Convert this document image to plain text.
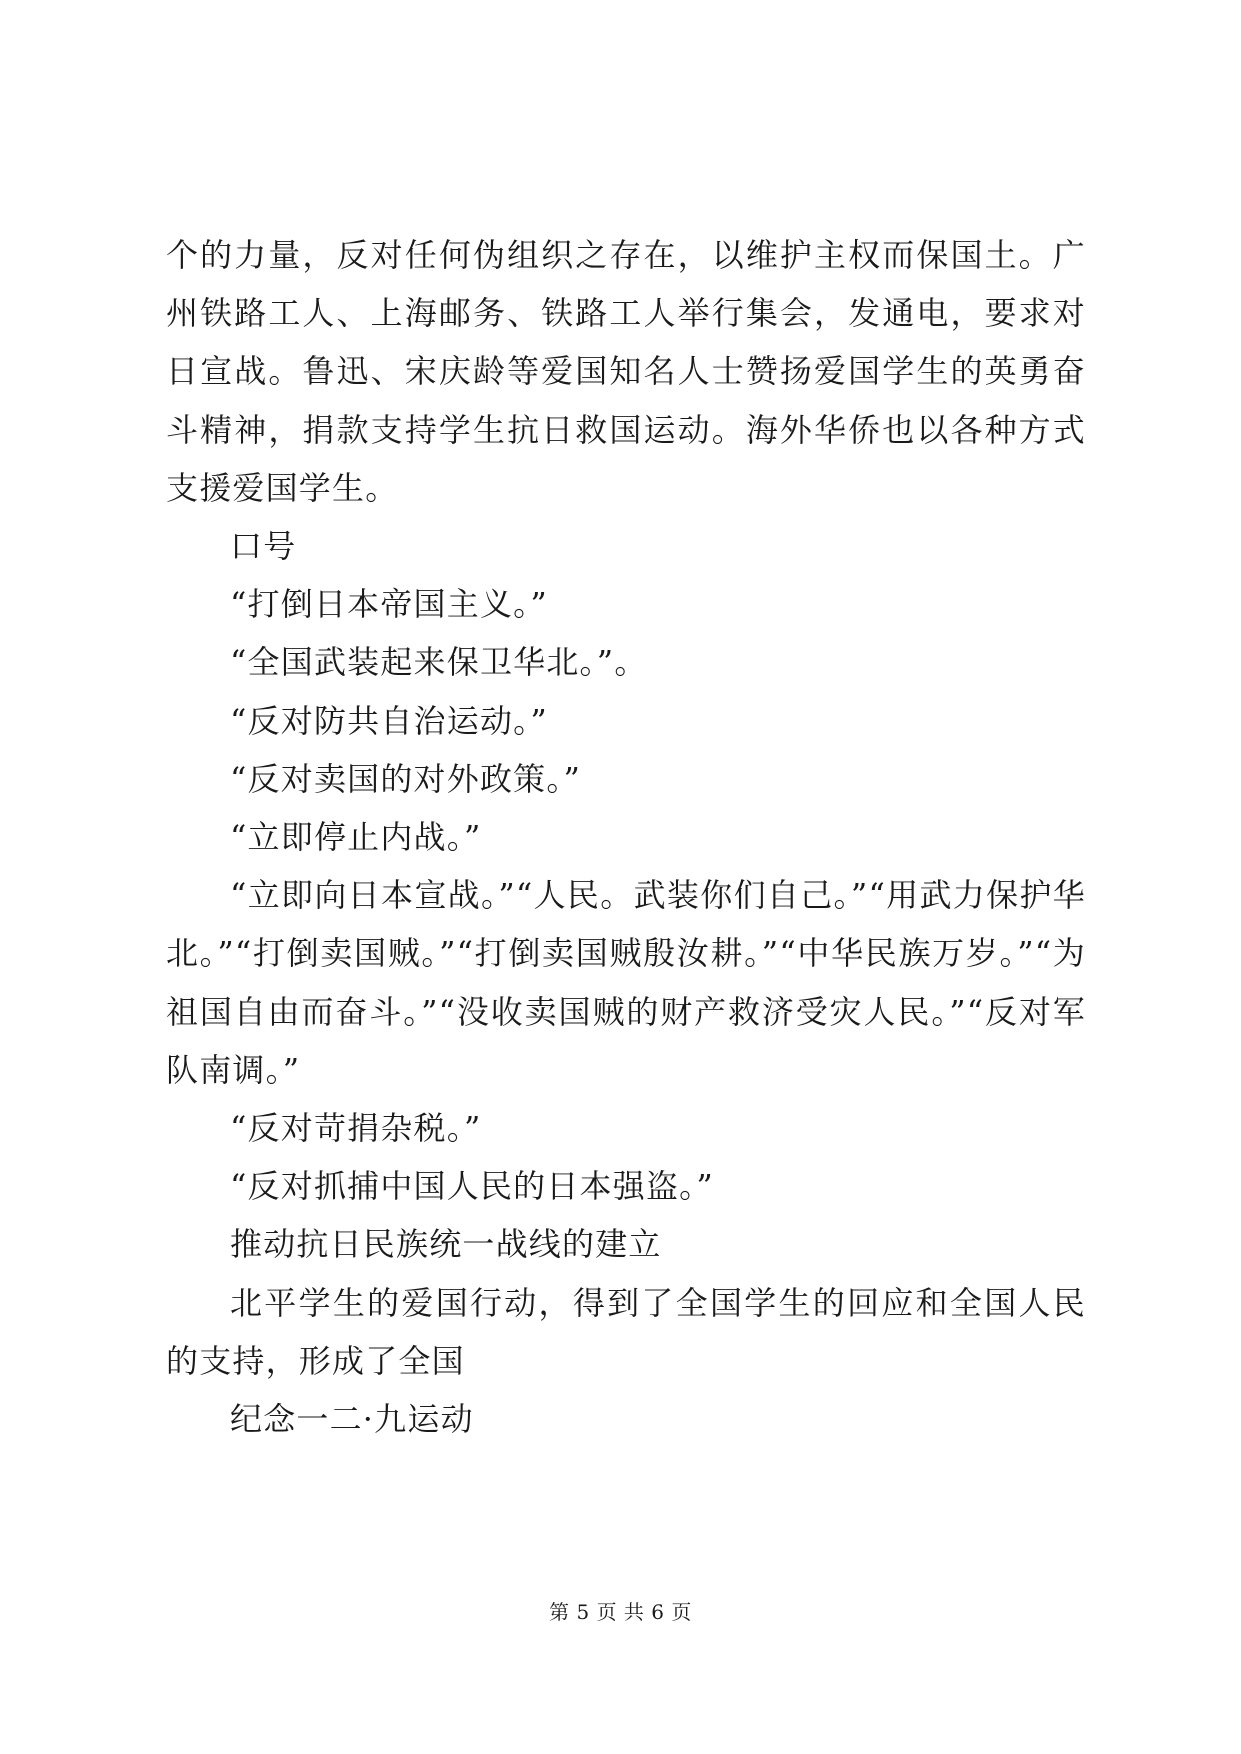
个的力量，反对任何伪组织之存在，以维护主权而保国土。广州铁路工人、上海邮务、铁路工人举行集会，发通电，要求对日宣战。鲁迅、宋庆龄等爱国知名人士赞扬爱国学生的英勇奋斗精神，捐款支持学生抗日救国运动。海外华侨也以各种方式支援爱国学生。

口号

“打倒日本帝国主义。”

“全国武装起来保卫华北。”。

“反对防共自治运动。”

“反对卖国的对外政策。”

“立即停止内战。”

“立即向日本宣战。”“人民。武装你们自己。”“用武力保护华北。”“打倒卖国贼。”“打倒卖国贼殷汝耕。”“中华民族万岁。”“为祖国自由而奋斗。”“没收卖国贼的财产救济受灾人民。”“反对军队南调。”

“反对苛捐杂税。”

“反对抓捕中国人民的日本强盗。”

推动抗日民族统一战线的建立

北平学生的爱国行动，得到了全国学生的回应和全国人民的支持，形成了全国

纪念一二·九运动

第 5 页 共 6 页
